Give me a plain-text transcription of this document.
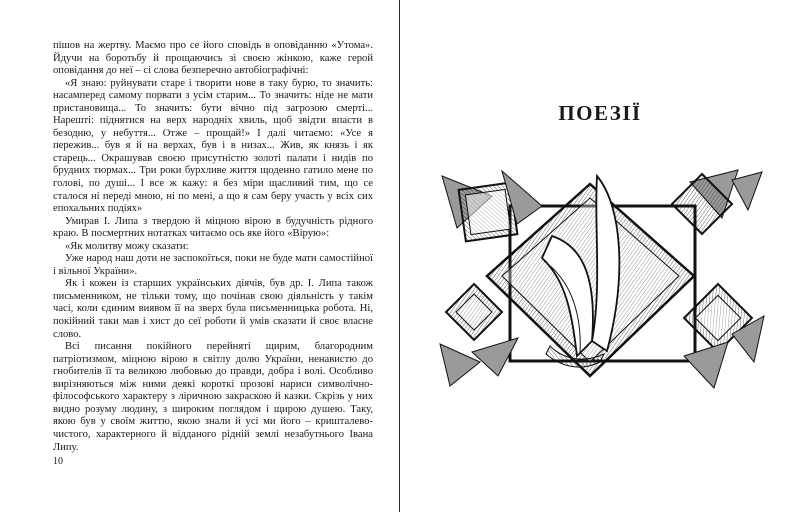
пішов на жертву. Маємо про се його сповідь в оповіданню «Утома». Йдучи на боротьбу й прощаючись зі своєю жінкою, каже герой оповідання до неї – сі слова безперечно автобіографічні:

«Я знаю: руйнувати старе і творити нове в таку бурю, то значить: насамперед самому порвати з усім старим... То значить: ніде не мати пристановища... То значить: бути вічно під загрозою смерті... Нарешті: піднятися на верх народніх хвиль, щоб звідти впасти в безодню, у небуття... Отже – прощай!» І далі читаємо: «Усе я пережив... був я й на верхах, був і в низах... Жив, як князь і як старець... Окрашував своєю присутністю золоті палати і нидів по брудних тюрмах... Три роки бурхливе життя щоденно гатило мене по голові, по душі... І все ж кажу: я без міри щасливий тим, що се сталося ні переді мною, ні по мені, а що я сам беру участь у всіх сих епохальних подіях»

Умирав І. Липа з твердою й міцною вірою в будучність рідного краю. В посмертних нотатках читаємо ось яке його «Вірую»:

«Як молитву можу сказати:

Уже народ наш доти не заспокоїться, поки не буде мати самостійної і вільної України».

Як і кожен із старших українських діячів, був др. І. Липа також письменником, не тільки тому, що почінав свою діяльність у такім часі, коли єдиним виявом її на зверх була письменницька робота. Ні, покійний таки мав і хист до сеї роботи й умів сказати й своє власне слово.

Всі писання покійного перейняті щирим, благородним патріотизмом, міцною вірою в світлу долю України, ненавистю до гнобителів її та великою любовью до правди, добра і волі. Особливо вирізняються між ними деякі короткі прозові нариси символічно-філософського характеру з ліричною закраскою й казки. Скрізь у них видно розуму людину, з широким поглядом і щирою душею. Таку, якою був у своїм життю, якою знали й усі ми його – кришталево-чистого, характерного й відданого рідній землі незабутнього Івана Липу.

10
ПОЕЗІЇ
